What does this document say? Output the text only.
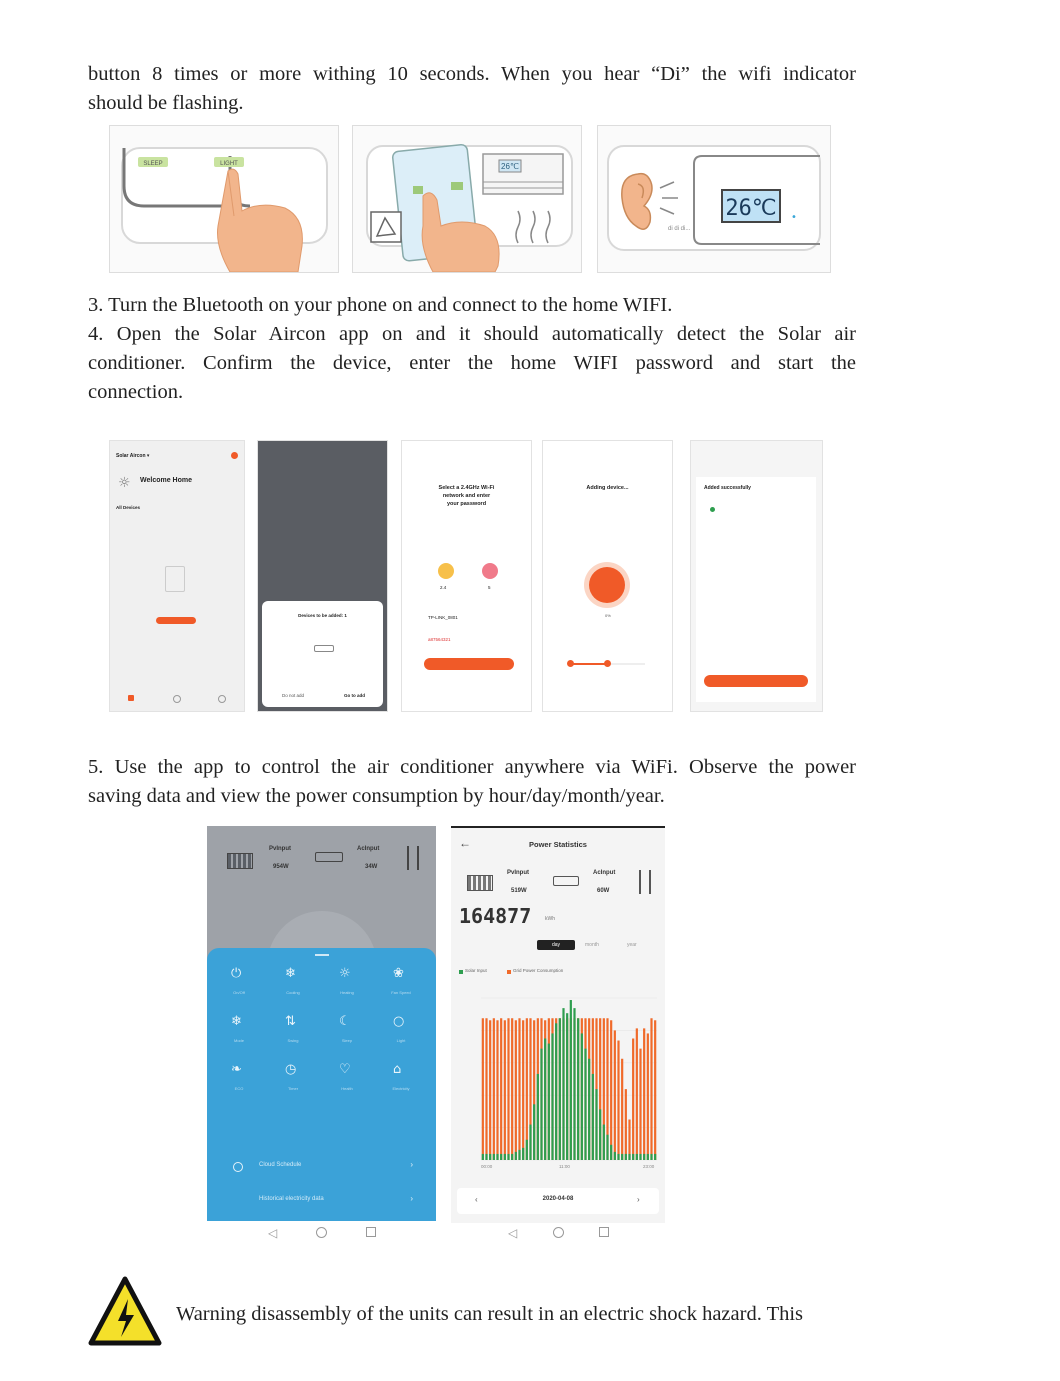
button 8 times or more withing 10 seconds. When you hear “Di” the wifi indicator
should be flashing.

SLEEP	LIGHT	26℃
di di di...
26℃ •

3. Turn the Bluetooth on your phone on and connect to the home WIFI.
4. Open the Solar Aircon app on and it should automatically detect the Solar air
conditioner. Confirm the device, enter the home WIFI password and start the
connection.

Solar Aircon ▾
☼ Welcome Home
All Devices
Devices to be added: 1
Do not add	Go to add
Select a 2.4GHz Wi-Fi
network and enter
your password
2.4	5
TP-LINK_0801
a87564321
Adding device...
0%
Added successfully

5. Use the app to control the air conditioner anywhere via WiFi. Observe the power
saving data and view the power consumption by hour/day/month/year.

PvInput
954W
AcInput
34W
⏻
On/Off
❄
Cooling
☼
Heating
❀
Fan Speed
❄
Mode
⇅
Swing
☾
Sleep
○
Light
❧
ECO
◷
Timer
♡
Health
⌂
Electricity
Cloud Schedule	›
Historical electricity data	›
◁
←	Power Statistics
PvInput
519W
AcInput
60W
164877	kWh
day	month	year
Solar Input	Grid Power Consumption
00:00	11:00	23:00
‹	2020-04-08	›
◁
Warning disassembly of the units can result in an electric shock hazard. This
